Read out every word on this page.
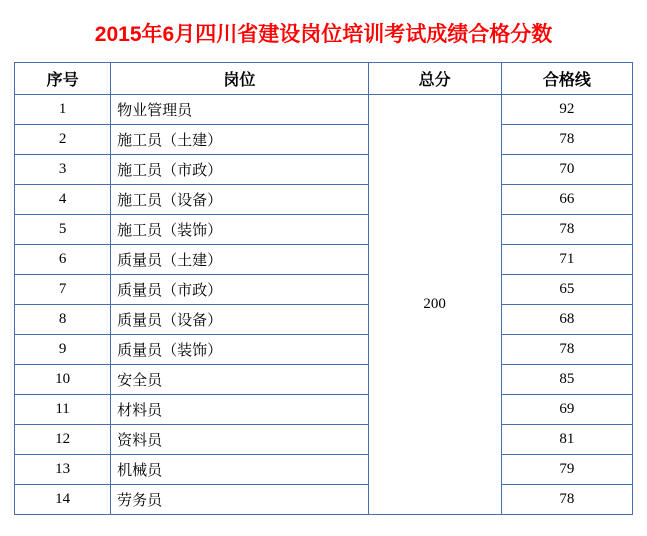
2015年6月四川省建设岗位培训考试成绩合格分数
序号	岗位	总分	合格线
1	物业管理员	200	92
2	施工员（土建）		78
3	施工员（市政）		70
4	施工员（设备）		66
5	施工员（装饰）		78
6	质量员（土建）		71
7	质量员（市政）		65
8	质量员（设备）		68
9	质量员（装饰）		78
10	安全员		85
11	材料员		69
12	资料员		81
13	机械员		79
14	劳务员		78
